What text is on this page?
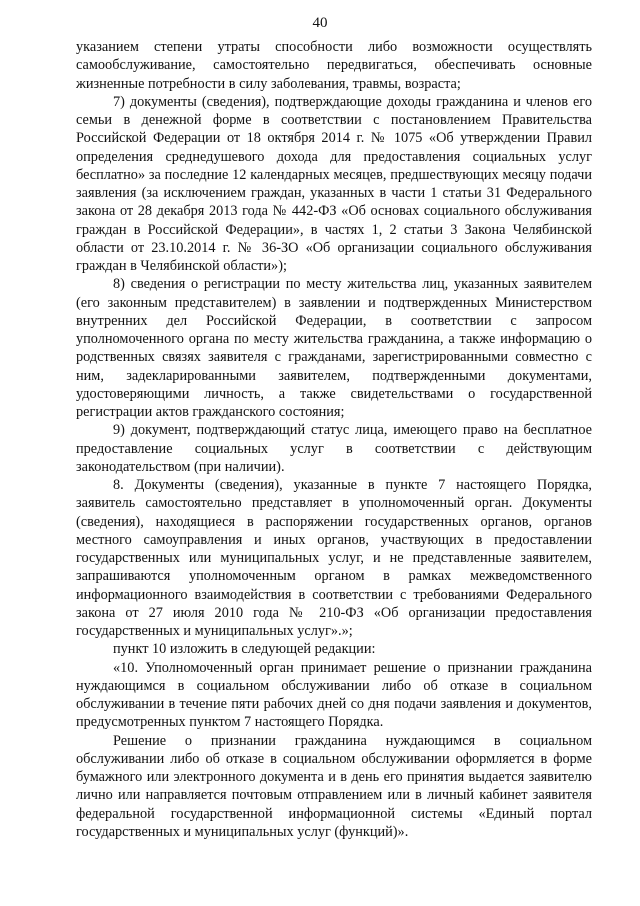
40

указанием степени утраты способности либо возможности осуществлять самообслуживание, самостоятельно передвигаться, обеспечивать основные жизненные потребности в силу заболевания, травмы, возраста;

7) документы (сведения), подтверждающие доходы гражданина и членов его семьи в денежной форме в соответствии с постановлением Правительства Российской Федерации от 18 октября 2014 г. № 1075 «Об утверждении Правил определения среднедушевого дохода для предоставления социальных услуг бесплатно» за последние 12 календарных месяцев, предшествующих месяцу подачи заявления (за исключением граждан, указанных в части 1 статьи 31 Федерального закона от 28 декабря 2013 года № 442-ФЗ «Об основах социального обслуживания граждан в Российской Федерации», в частях 1, 2 статьи 3 Закона Челябинской области от 23.10.2014 г. № 36-ЗО «Об организации социального обслуживания граждан в Челябинской области»);

8) сведения о регистрации по месту жительства лиц, указанных заявителем (его законным представителем) в заявлении и подтвержденных Министерством внутренних дел Российской Федерации, в соответствии с запросом уполномоченного органа по месту жительства гражданина, а также информацию о родственных связях заявителя с гражданами, зарегистрированными совместно с ним, задекларированными заявителем, подтвержденными документами, удостоверяющими личность, а также свидетельствами о государственной регистрации актов гражданского состояния;

9) документ, подтверждающий статус лица, имеющего право на бесплатное предоставление социальных услуг в соответствии с действующим законодательством (при наличии).

8. Документы (сведения), указанные в пункте 7 настоящего Порядка, заявитель самостоятельно представляет в уполномоченный орган. Документы (сведения), находящиеся в распоряжении государственных органов, органов местного самоуправления и иных органов, участвующих в предоставлении государственных или муниципальных услуг, и не представленные заявителем, запрашиваются уполномоченным органом в рамках межведомственного информационного взаимодействия в соответствии с требованиями Федерального закона от 27 июля 2010 года № 210-ФЗ «Об организации предоставления государственных и муниципальных услуг».»;

пункт 10 изложить в следующей редакции:

«10. Уполномоченный орган принимает решение о признании гражданина нуждающимся в социальном обслуживании либо об отказе в социальном обслуживании в течение пяти рабочих дней со дня подачи заявления и документов, предусмотренных пунктом 7 настоящего Порядка.

Решение о признании гражданина нуждающимся в социальном обслуживании либо об отказе в социальном обслуживании оформляется в форме бумажного или электронного документа и в день его принятия выдается заявителю лично или направляется почтовым отправлением или в личный кабинет заявителя федеральной государственной информационной системы «Единый портал государственных и муниципальных услуг (функций)».
